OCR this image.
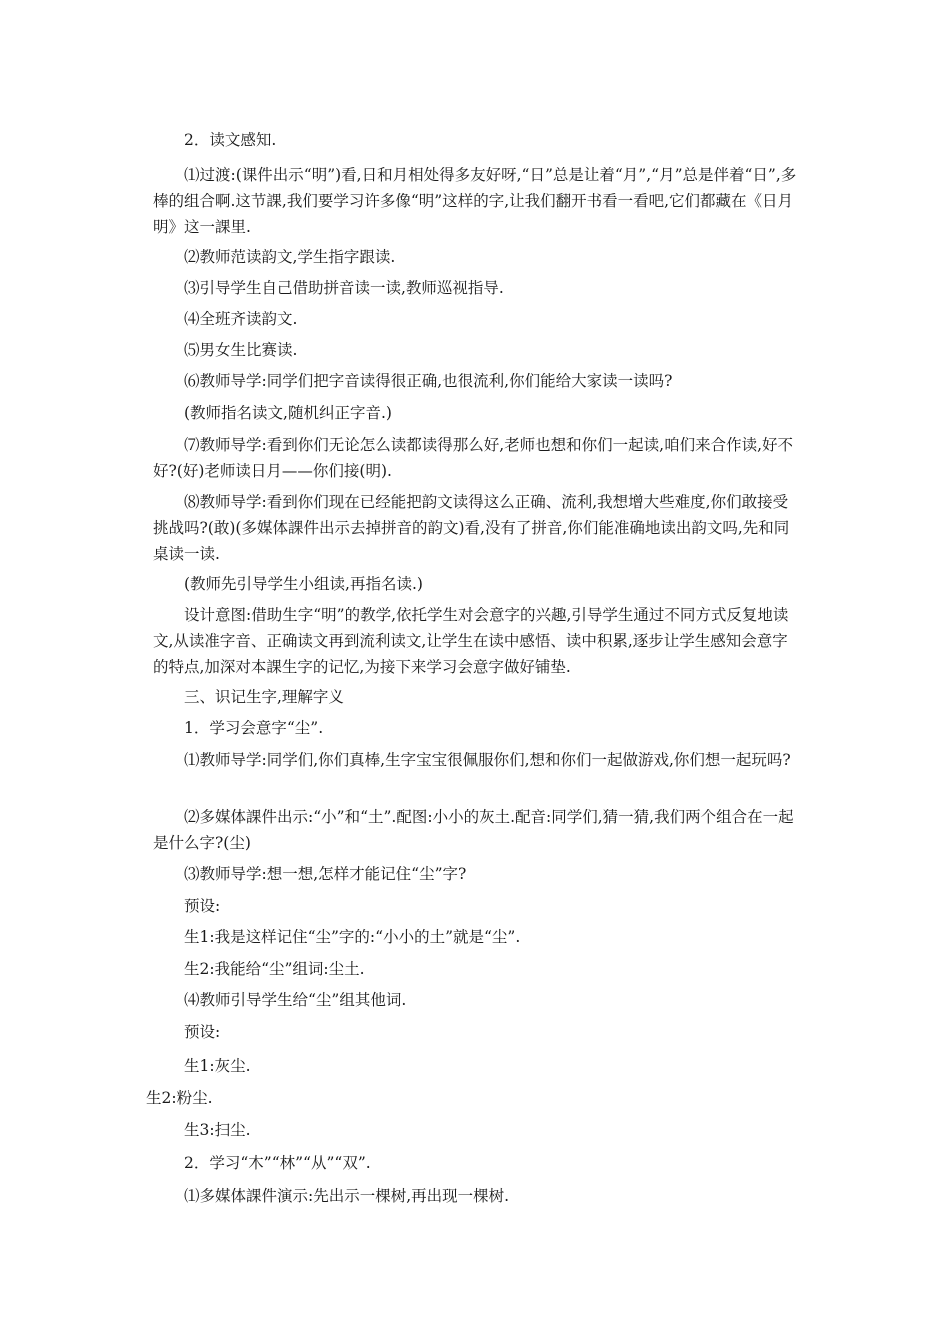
2．读文感知.

⑴过渡:(课件出示“明”)看,日和月相处得多友好呀,“日”总是让着“月”,“月”总是伴着“日”,多棒的组合啊.这节課,我们要学习许多像“明”这样的字,让我们翻开书看一看吧,它们都藏在《日月明》这一課里.

⑵教师范读韵文,学生指字跟读.

⑶引导学生自己借助拼音读一读,教师巡视指导.

⑷全班齐读韵文.

⑸男女生比赛读.

⑹教师导学:同学们把字音读得很正确,也很流利,你们能给大家读一读吗?

(教师指名读文,随机纠正字音.)

⑺教师导学:看到你们无论怎么读都读得那么好,老师也想和你们一起读,咱们来合作读,好不好?(好)老师读日月——你们接(明).

⑻教师导学:看到你们现在已经能把韵文读得这么正确、流利,我想增大些难度,你们敢接受挑战吗?(敢)(多媒体課件出示去掉拼音的韵文)看,没有了拼音,你们能准确地读出韵文吗,先和同桌读一读.

(教师先引导学生小组读,再指名读.)

设计意图:借助生字“明”的教学,依托学生对会意字的兴趣,引导学生通过不同方式反复地读文,从读准字音、正确读文再到流利读文,让学生在读中感悟、读中积累,逐步让学生感知会意字的特点,加深对本課生字的记忆,为接下来学习会意字做好铺垫.

三、识记生字,理解字义

1．学习会意字“尘”.

⑴教师导学:同学们,你们真棒,生字宝宝很佩服你们,想和你们一起做游戏,你们想一起玩吗?

⑵多媒体課件出示:“小”和“土”.配图:小小的灰土.配音:同学们,猜一猜,我们两个组合在一起是什么字?(尘)

⑶教师导学:想一想,怎样才能记住“尘”字?

预设:

生1:我是这样记住“尘”字的:“小小的土”就是“尘”.

生2:我能给“尘”组词:尘土.

⑷教师引导学生给“尘”组其他词.

预设:

生1:灰尘.

生2:粉尘.

生3:扫尘.

2．学习“木”“林”“从”“双”.

⑴多媒体課件演示:先出示一棵树,再出现一棵树.
